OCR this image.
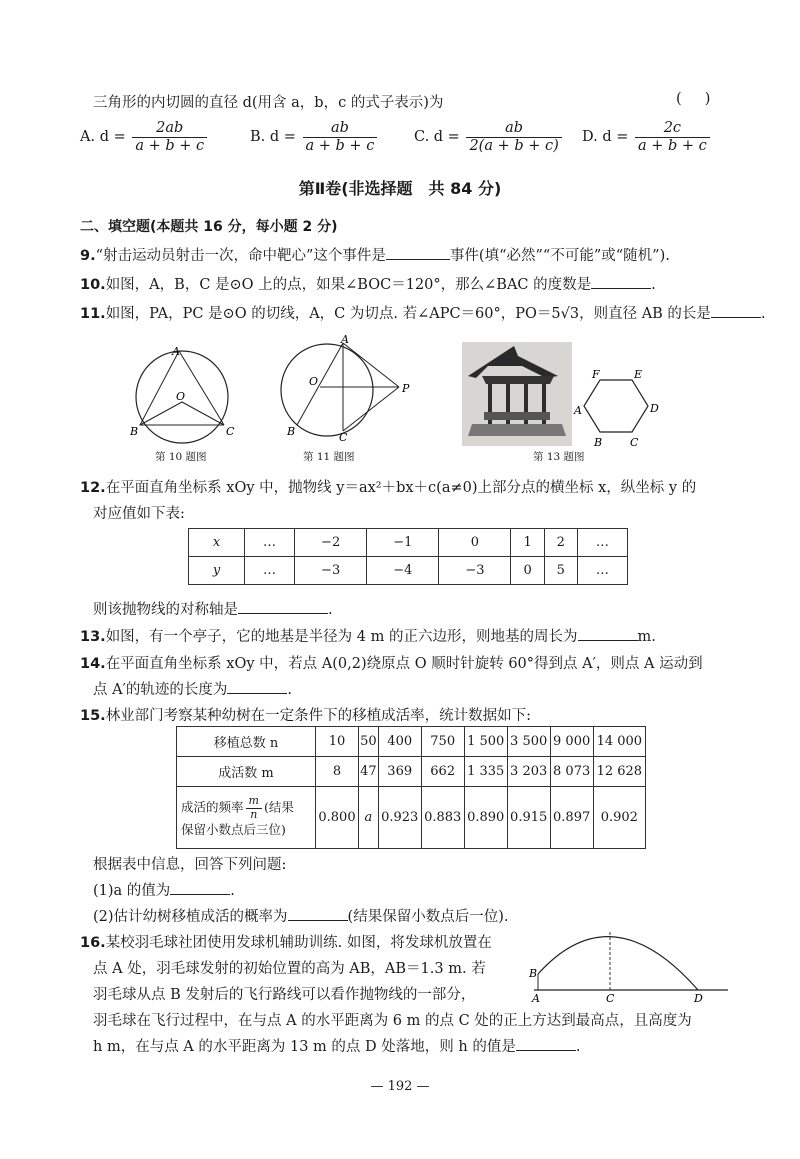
三角形的内切圆的直径 d(用含 a，b，c 的式子表示)为	(     )
A. $d = \frac{2ab}{a + b + c}$	B. $d = \frac{ab}{a + b + c}$	C. $d = \frac{ab}{2(a + b + c)} D$. $d = \frac{2c}{a + b + c}$
第Ⅱ卷(非选择题　共 84 分)
二、填空题(本题共 16 分，每小题 2 分)
9.“射击运动员射击一次，命中靶心”这个事件是	事件(填“必然”“不可能”或“随机”).
10.如图，A，B，C 是⊙O 上的点，如果∠BOC＝120°，那么∠BAC 的度数是	.
11.如图，PA，PC 是⊙O 的切线，A，C 为切点. 若∠APC＝60°，PO＝5√3，则直径 AB 的长是	.
A
O
B	C
第 10 题图
A
O
P
B	C
第 11 题图	第 13 题图
F	E
A	D
B	C
12.在平面直角坐标系 xOy 中，抛物线 y＝ax²＋bx＋c(a≠0)上部分点的横坐标 x，纵坐标 y 的
对应值如下表:
x	…	−2	−1	0	1	2	…
y	…	−3	−4	−3	0	5	…
则该抛物线的对称轴是	.
13.如图，有一个亭子，它的地基是半径为 4 m 的正六边形，则地基的周长为	m.
14.在平面直角坐标系 xOy 中，若点 A(0,2)绕原点 O 顺时针旋转 60°得到点 A′，则点 A 运动到
点 A′的轨迹的长度为	.
15.林业部门考察某种幼树在一定条件下的移植成活率，统计数据如下:
移植总数 n	10	50	400	750	1 500	3 500	9 000	14 000
成活数 m	8	47	369	662	1 335	3 203	8 073	12 628
成活的频率 $\frac{m}{n}$ (结果
保留小数点后三位)	0.800	a	0.923	0.883	0.890	0.915	0.897	0.902
根据表中信息，回答下列问题:
(1)a 的值为	.
(2)估计幼树移植成活的概率为	(结果保留小数点后一位).
16.某校羽毛球社团使用发球机辅助训练. 如图，将发球机放置在
点 A 处，羽毛球发射的初始位置的高为 AB，AB＝1.3 m. 若
羽毛球从点 B 发射后的飞行路线可以看作抛物线的一部分，
羽毛球在飞行过程中，在与点 A 的水平距离为 6 m 的点 C 处的正上方达到最高点，且高度为
h m，在与点 A 的水平距离为 13 m 的点 D 处落地，则 h 的值是	.
B
A	C	D
— 192 —
